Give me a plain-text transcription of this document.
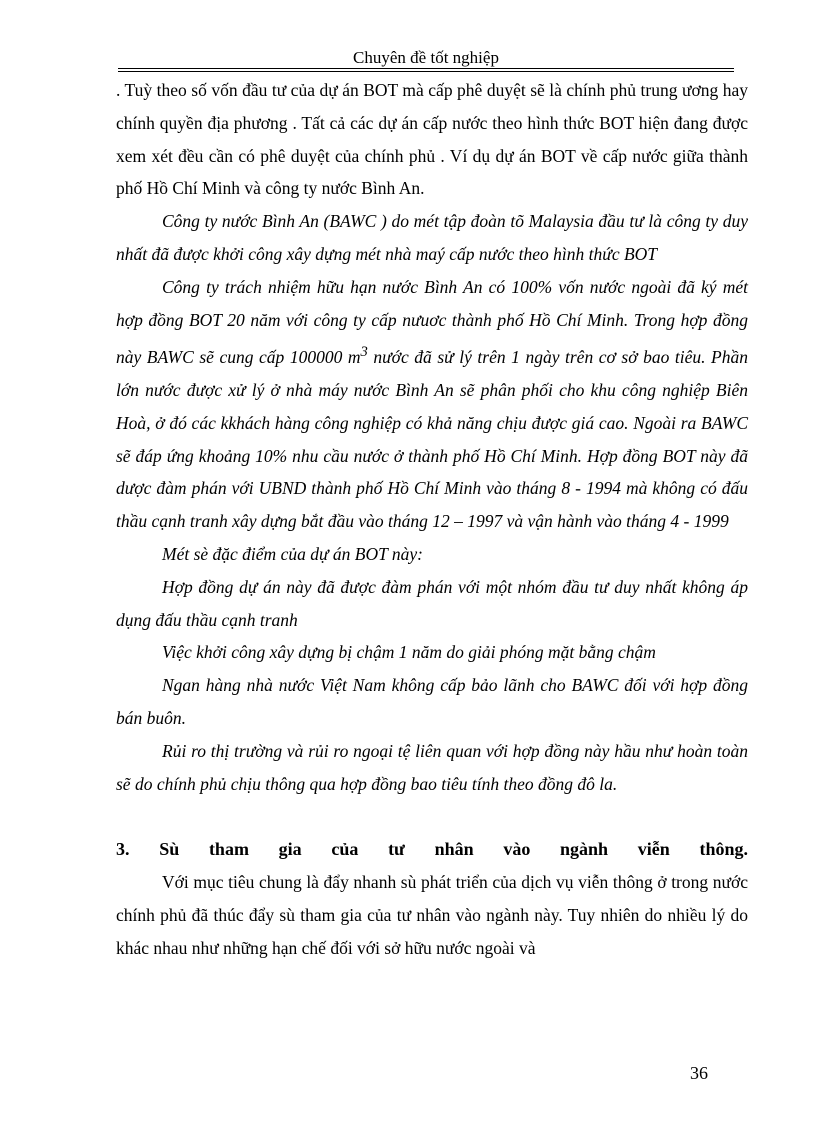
Chuyên đề tốt nghiệp

. Tuỳ theo số vốn đầu tư của dự án BOT mà cấp phê duyệt sẽ là chính phủ trung ương hay chính quyền địa phương . Tất cả các dự án cấp nước theo hình thức BOT hiện đang được xem xét đều cần có phê duyệt của chính phủ . Ví dụ dự án BOT về cấp nước giữa thành phố Hồ Chí Minh và công ty nước Bình An.

Công ty nước Bình An (BAWC ) do mét tập đoàn tõ Malaysia đầu tư là công ty duy nhất đã được khởi công xây dựng mét nhà maý cấp nước theo hình thức BOT

Công ty trách nhiệm hữu hạn nước Bình An có 100% vốn nước ngoài đã ký mét hợp đồng BOT 20 năm với công ty cấp nưuơc thành phố Hồ Chí Minh. Trong hợp đồng này BAWC sẽ cung cấp 100000 $m^3$ nước đã sử lý trên 1 ngày trên cơ sở bao tiêu. Phần lớn nước được xử lý ở nhà máy nước Bình An sẽ phân phối cho khu công nghiệp Biên Hoà, ở đó các kkhách hàng công nghiệp có khả năng chịu được giá cao. Ngoài ra BAWC sẽ đáp ứng khoảng 10% nhu cầu nước ở thành phố Hồ Chí Minh. Hợp đồng BOT này đã dược đàm phán với UBND thành phố Hồ Chí Minh vào tháng 8 - 1994 mà không có đấu thầu cạnh tranh xây dựng bắt đầu vào tháng 12 – 1997 và vận hành vào tháng 4 - 1999

Mét sè đặc điểm của dự án BOT này:

Hợp đồng dự án này đã được đàm phán với một nhóm đầu tư duy nhất không áp dụng đấu thầu cạnh tranh

Việc khởi công xây dựng bị chậm 1 năm do giải phóng mặt bằng chậm

Ngan hàng nhà nước Việt Nam không cấp bảo lãnh cho BAWC đối với hợp đồng bán buôn.

Rủi ro thị trường và rủi ro ngoại tệ liên quan với hợp đồng này hầu như hoàn toàn sẽ do chính phủ chịu thông qua hợp đồng bao tiêu tính theo đồng đô la.

3. Sù tham gia của tư nhân vào ngành viễn thông.

Với mục tiêu chung là đẩy nhanh sù phát triển của dịch vụ viễn thông ở trong nước chính phủ đã thúc đẩy sù tham gia của tư nhân vào ngành này. Tuy nhiên do nhiều lý do khác nhau như những hạn chế đối với sở hữu nước ngoài và

36
